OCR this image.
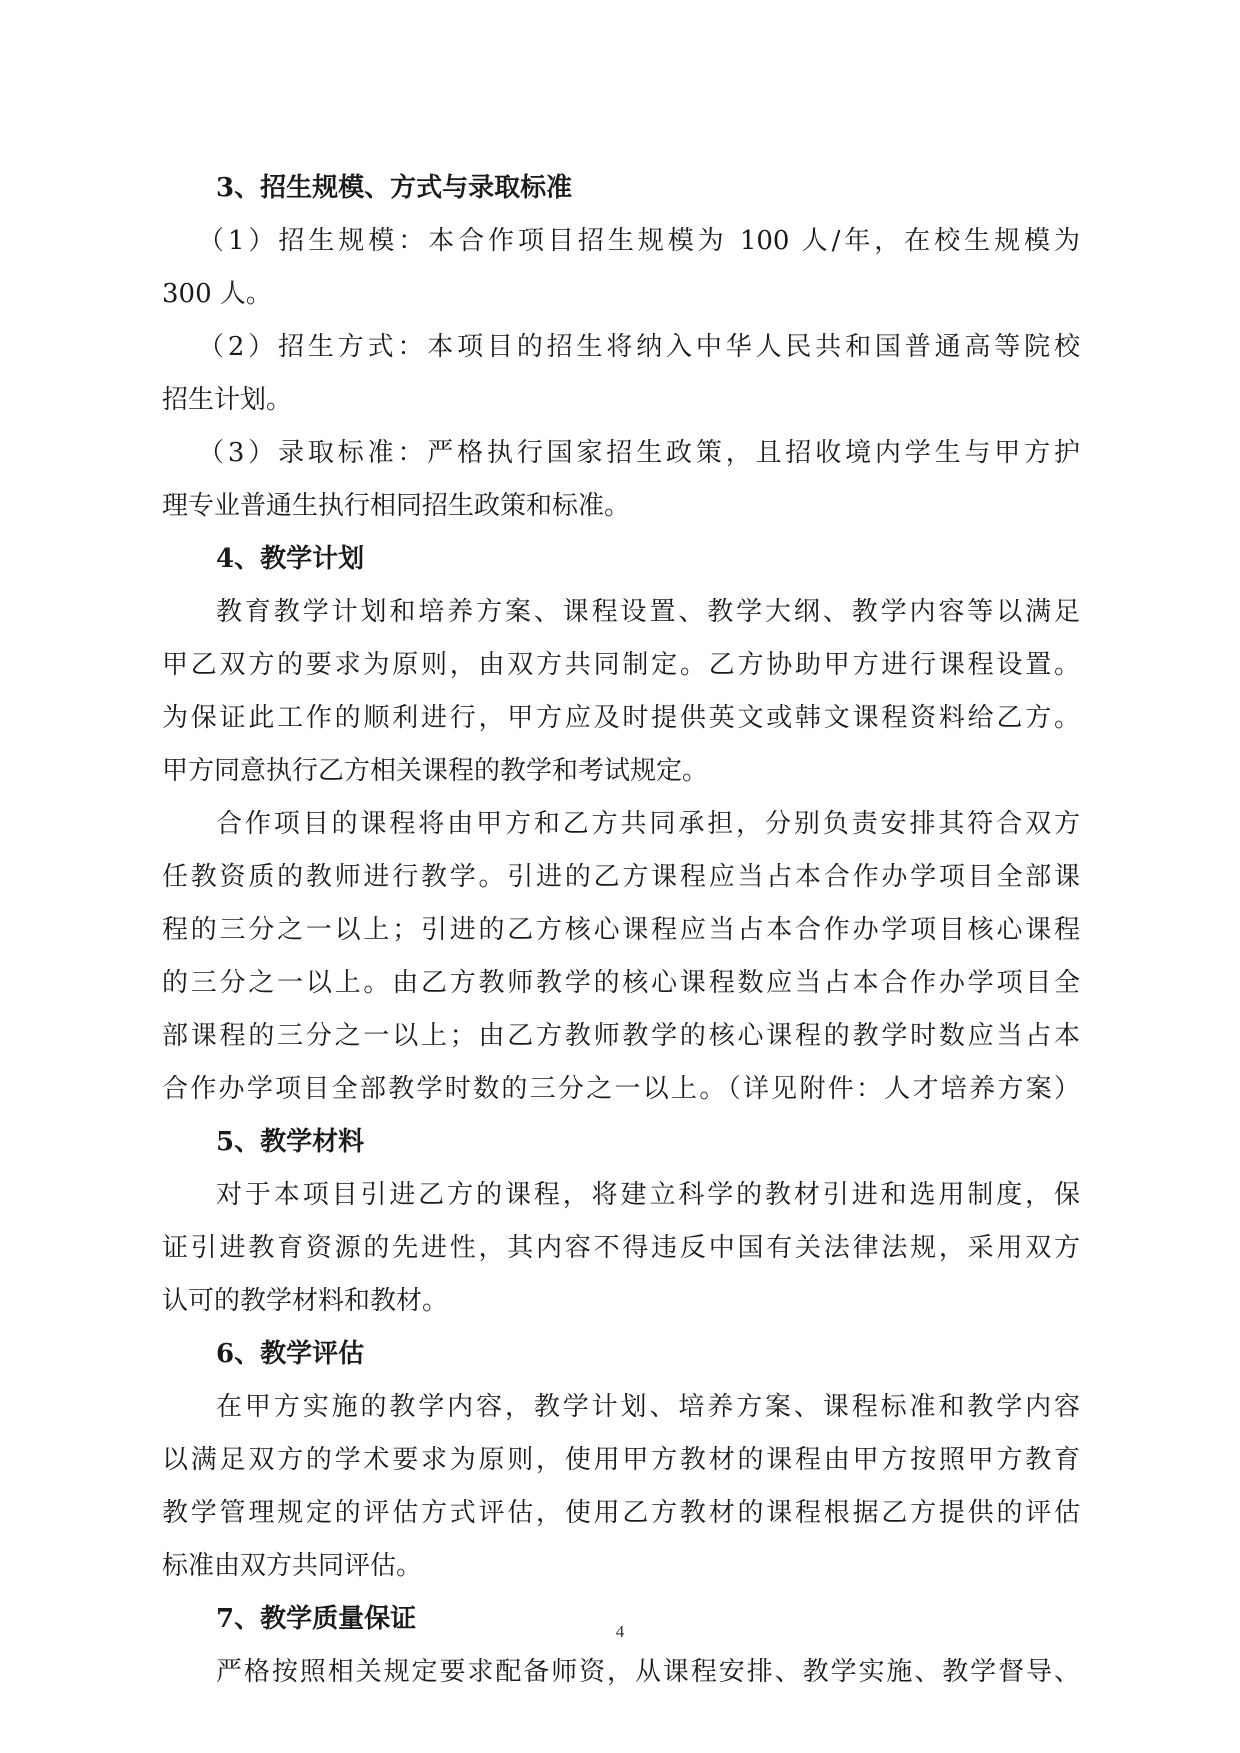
3、招生规模、方式与录取标准
（1）招生规模：本合作项目招生规模为 100 人/年，在校生规模为
300 人。
（2）招生方式：本项目的招生将纳入中华人民共和国普通高等院校
招生计划。
（3）录取标准：严格执行国家招生政策，且招收境内学生与甲方护
理专业普通生执行相同招生政策和标准。
4、教学计划
教育教学计划和培养方案、课程设置、教学大纲、教学内容等以满足
甲乙双方的要求为原则，由双方共同制定。乙方协助甲方进行课程设置。
为保证此工作的顺利进行，甲方应及时提供英文或韩文课程资料给乙方。
甲方同意执行乙方相关课程的教学和考试规定。
合作项目的课程将由甲方和乙方共同承担，分别负责安排其符合双方
任教资质的教师进行教学。引进的乙方课程应当占本合作办学项目全部课
程的三分之一以上；引进的乙方核心课程应当占本合作办学项目核心课程
的三分之一以上。由乙方教师教学的核心课程数应当占本合作办学项目全
部课程的三分之一以上；由乙方教师教学的核心课程的教学时数应当占本
合作办学项目全部教学时数的三分之一以上。（详见附件：人才培养方案）
5、教学材料
对于本项目引进乙方的课程，将建立科学的教材引进和选用制度，保
证引进教育资源的先进性，其内容不得违反中国有关法律法规，采用双方
认可的教学材料和教材。
6、教学评估
在甲方实施的教学内容，教学计划、培养方案、课程标准和教学内容
以满足双方的学术要求为原则，使用甲方教材的课程由甲方按照甲方教育
教学管理规定的评估方式评估，使用乙方教材的课程根据乙方提供的评估
标准由双方共同评估。
7、教学质量保证
严格按照相关规定要求配备师资，从课程安排、教学实施、教学督导、
4
